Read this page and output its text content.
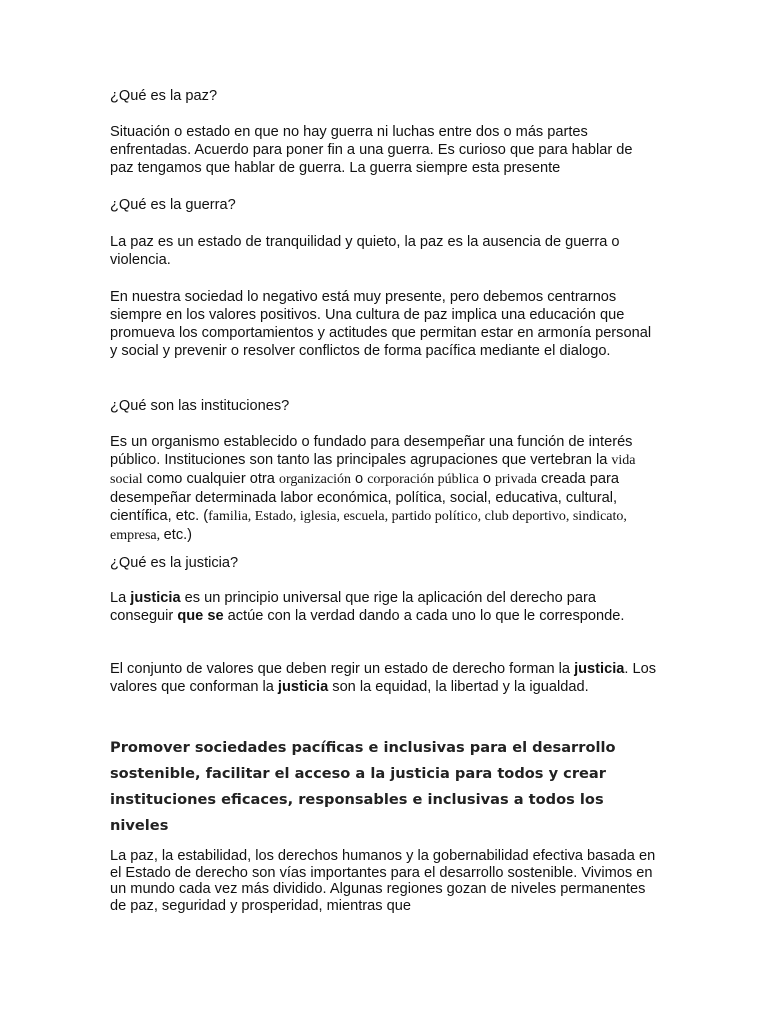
¿Qué es la paz?

Situación o estado en que no hay guerra ni luchas entre dos o más partes enfrentadas. Acuerdo para poner fin a una guerra. Es curioso que para hablar de paz tengamos que hablar de guerra. La guerra siempre esta presente

¿Qué es la guerra?

La paz es un estado de tranquilidad y quieto, la paz es la ausencia de guerra o violencia.

En nuestra sociedad lo negativo está muy presente, pero debemos centrarnos siempre en los valores positivos. Una cultura de paz implica una educación que promueva los comportamientos y actitudes que permitan estar en armonía personal y social y prevenir o resolver conflictos de forma pacífica mediante el dialogo.

¿Qué son las instituciones?

Es un organismo establecido o fundado para desempeñar una función de interés público. Instituciones son tanto las principales agrupaciones que vertebran la vida social como cualquier otra organización o corporación pública o privada creada para desempeñar determinada labor económica, política, social, educativa, cultural, científica, etc. (familia, Estado, iglesia, escuela, partido político, club deportivo, sindicato, empresa, etc.)

¿Qué es la justicia?

La justicia es un principio universal que rige la aplicación del derecho para conseguir que se actúe con la verdad dando a cada uno lo que le corresponde.

El conjunto de valores que deben regir un estado de derecho forman la justicia. Los valores que conforman la justicia son la equidad, la libertad y la igualdad.

Promover sociedades pacíficas e inclusivas para el desarrollo sostenible, facilitar el acceso a la justicia para todos y crear instituciones eficaces, responsables e inclusivas a todos los niveles

La paz, la estabilidad, los derechos humanos y la gobernabilidad efectiva basada en el Estado de derecho son vías importantes para el desarrollo sostenible. Vivimos en un mundo cada vez más dividido. Algunas regiones gozan de niveles permanentes de paz, seguridad y prosperidad, mientras que
